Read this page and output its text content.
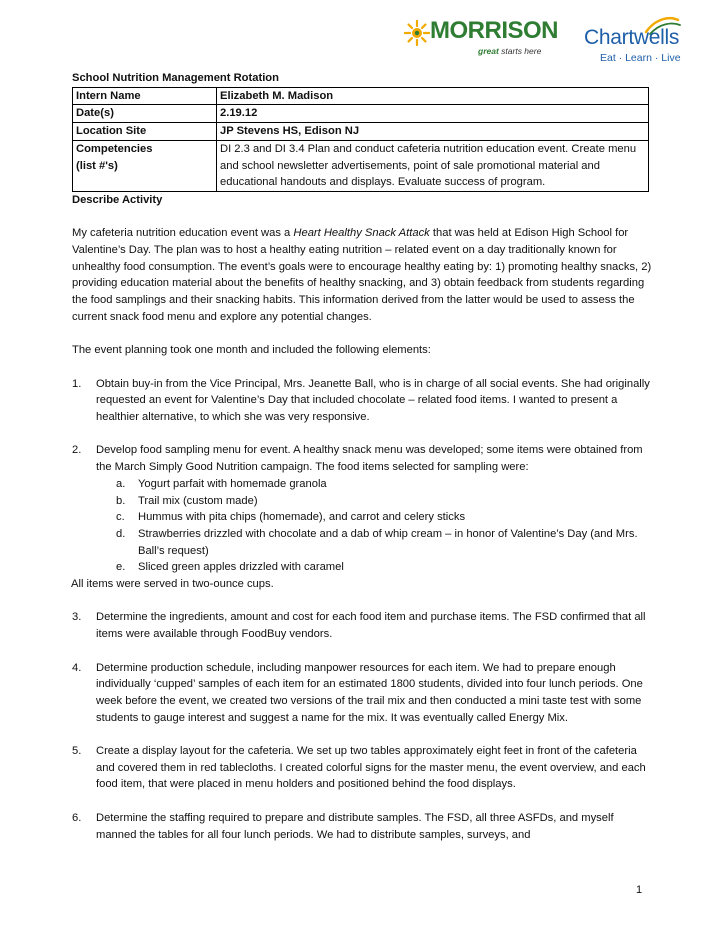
MORRISON
great starts here
Chartwells
Eat · Learn · Live
School Nutrition Management Rotation
Intern Name	Elizabeth M. Madison
Date(s)	2.19.12
Location Site	JP Stevens HS, Edison NJ

Competencies
(list #'s)	DI 2.3 and DI 3.4 Plan and conduct cafeteria nutrition education event. Create menu and school newsletter advertisements, point of sale promotional material and educational handouts and displays. Evaluate success of program.
Describe Activity

My cafeteria nutrition education event was a Heart Healthy Snack Attack that was held at Edison High School for Valentine’s Day. The plan was to host a healthy eating nutrition – related event on a day traditionally known for unhealthy food consumption. The event’s goals were to encourage healthy eating by: 1) promoting healthy snacks, 2) providing education material about the benefits of healthy snacking, and 3) obtain feedback from students regarding the food samplings and their snacking habits. This information derived from the latter would be used to assess the current snack food menu and explore any potential changes.

The event planning took one month and included the following elements:

1. Obtain buy-in from the Vice Principal, Mrs. Jeanette Ball, who is in charge of all social events. She had originally requested an event for Valentine’s Day that included chocolate – related food items. I wanted to present a healthier alternative, to which she was very responsive.
2. Develop food sampling menu for event. A healthy snack menu was developed; some items were obtained from the March Simply Good Nutrition campaign. The food items selected for sampling were:
a. Yogurt parfait with homemade granola
b. Trail mix (custom made)
c. Hummus with pita chips (homemade), and carrot and celery sticks
d. Strawberries drizzled with chocolate and a dab of whip cream – in honor of Valentine’s Day (and Mrs. Ball’s request)
e. Sliced green apples drizzled with caramel

All items were served in two-ounce cups.

3. Determine the ingredients, amount and cost for each food item and purchase items. The FSD confirmed that all items were available through FoodBuy vendors.
4. Determine production schedule, including manpower resources for each item. We had to prepare enough individually ‘cupped’ samples of each item for an estimated 1800 students, divided into four lunch periods. One week before the event, we created two versions of the trail mix and then conducted a mini taste test with some students to gauge interest and suggest a name for the mix. It was eventually called Energy Mix.
5. Create a display layout for the cafeteria. We set up two tables approximately eight feet in front of the cafeteria and covered them in red tablecloths. I created colorful signs for the master menu, the event overview, and each food item, that were placed in menu holders and positioned behind the food displays.
6. Determine the staffing required to prepare and distribute samples. The FSD, all three ASFDs, and myself manned the tables for all four lunch periods. We had to distribute samples, surveys, and
1
